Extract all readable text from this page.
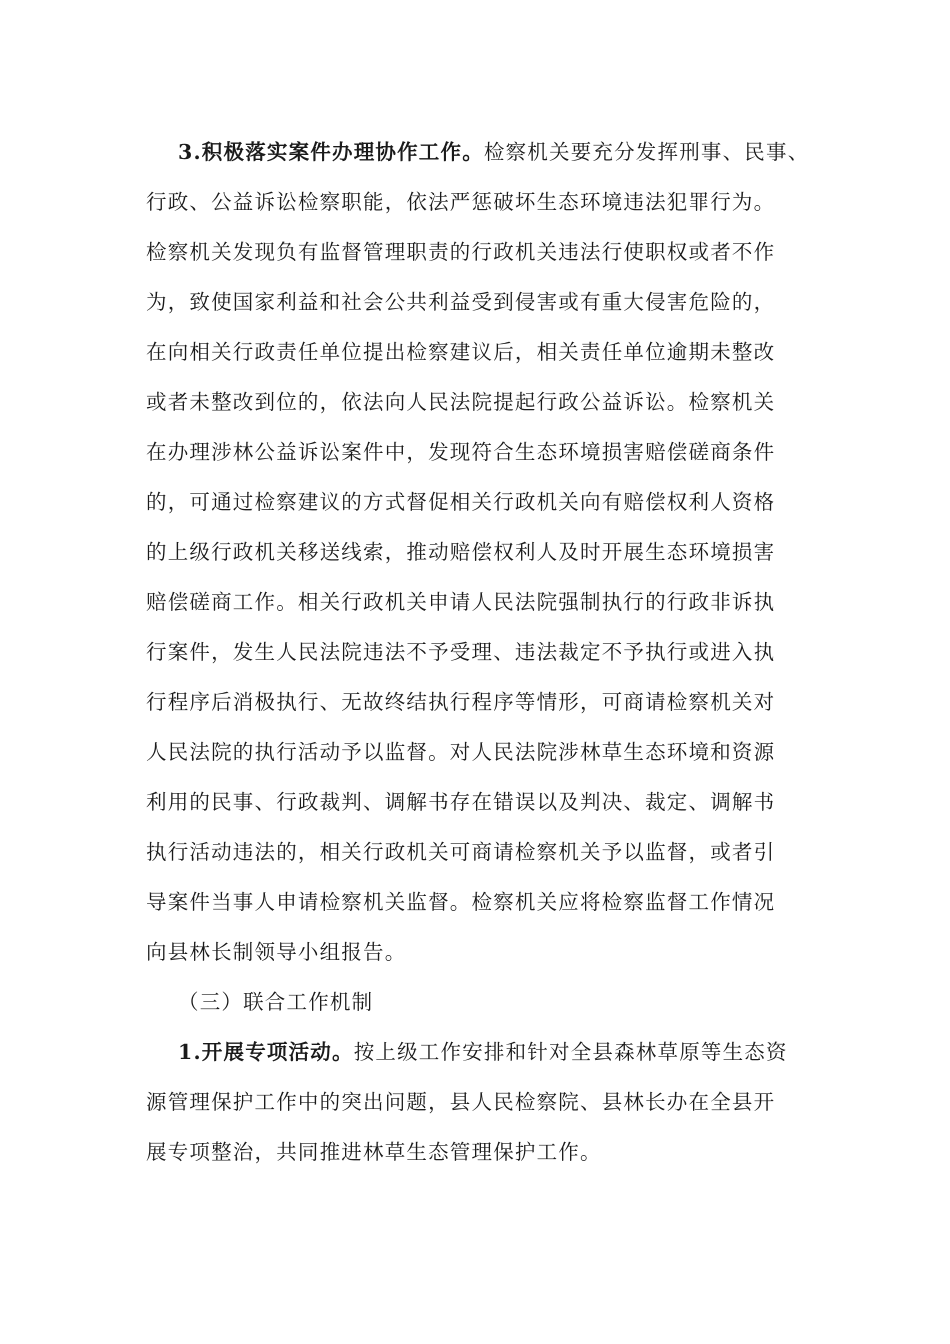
3.积极落实案件办理协作工作。检察机关要充分发挥刑事、民事、
行政、公益诉讼检察职能，依法严惩破坏生态环境违法犯罪行为。
检察机关发现负有监督管理职责的行政机关违法行使职权或者不作
为，致使国家利益和社会公共利益受到侵害或有重大侵害危险的，
在向相关行政责任单位提出检察建议后，相关责任单位逾期未整改
或者未整改到位的，依法向人民法院提起行政公益诉讼。检察机关
在办理涉林公益诉讼案件中，发现符合生态环境损害赔偿磋商条件
的，可通过检察建议的方式督促相关行政机关向有赔偿权利人资格
的上级行政机关移送线索，推动赔偿权利人及时开展生态环境损害
赔偿磋商工作。相关行政机关申请人民法院强制执行的行政非诉执
行案件，发生人民法院违法不予受理、违法裁定不予执行或进入执
行程序后消极执行、无故终结执行程序等情形，可商请检察机关对
人民法院的执行活动予以监督。对人民法院涉林草生态环境和资源
利用的民事、行政裁判、调解书存在错误以及判决、裁定、调解书
执行活动违法的，相关行政机关可商请检察机关予以监督，或者引
导案件当事人申请检察机关监督。检察机关应将检察监督工作情况
向县林长制领导小组报告。
（三）联合工作机制
1.开展专项活动。按上级工作安排和针对全县森林草原等生态资
源管理保护工作中的突出问题，县人民检察院、县林长办在全县开
展专项整治，共同推进林草生态管理保护工作。
